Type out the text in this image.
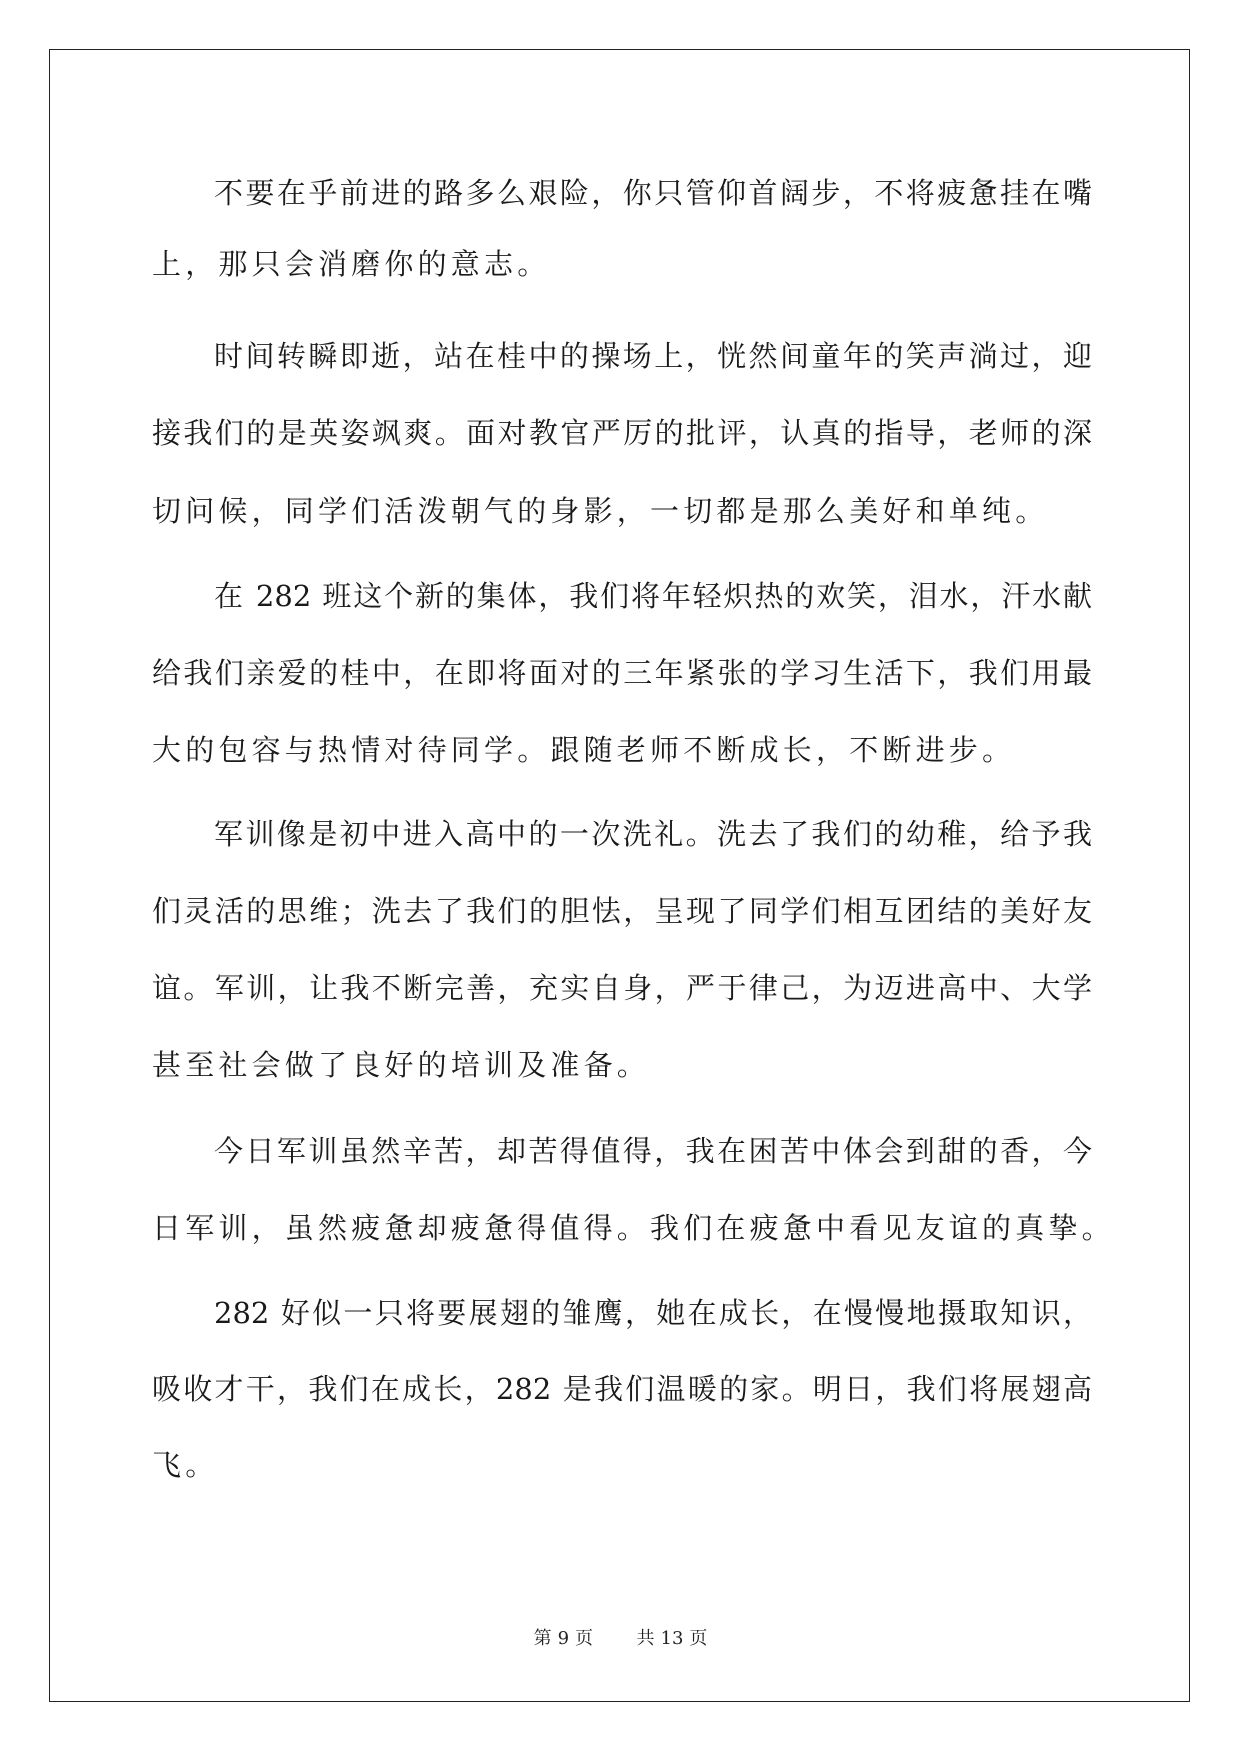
不要在乎前进的路多么艰险，你只管仰首阔步，不将疲惫挂在嘴
上，那只会消磨你的意志。
时间转瞬即逝，站在桂中的操场上，恍然间童年的笑声淌过，迎
接我们的是英姿飒爽。面对教官严厉的批评，认真的指导，老师的深
切问候，同学们活泼朝气的身影，一切都是那么美好和单纯。
在 282 班这个新的集体，我们将年轻炽热的欢笑，泪水，汗水献
给我们亲爱的桂中，在即将面对的三年紧张的学习生活下，我们用最
大的包容与热情对待同学。跟随老师不断成长，不断进步。
军训像是初中进入高中的一次洗礼。洗去了我们的幼稚，给予我
们灵活的思维；洗去了我们的胆怯，呈现了同学们相互团结的美好友
谊。军训，让我不断完善，充实自身，严于律己，为迈进高中、大学
甚至社会做了良好的培训及准备。
今日军训虽然辛苦，却苦得值得，我在困苦中体会到甜的香，今
日军训，虽然疲惫却疲惫得值得。我们在疲惫中看见友谊的真挚。
282 好似一只将要展翅的雏鹰，她在成长，在慢慢地摄取知识，
吸收才干，我们在成长，282 是我们温暖的家。明日，我们将展翅高
飞。
第 9 页 共 13 页
